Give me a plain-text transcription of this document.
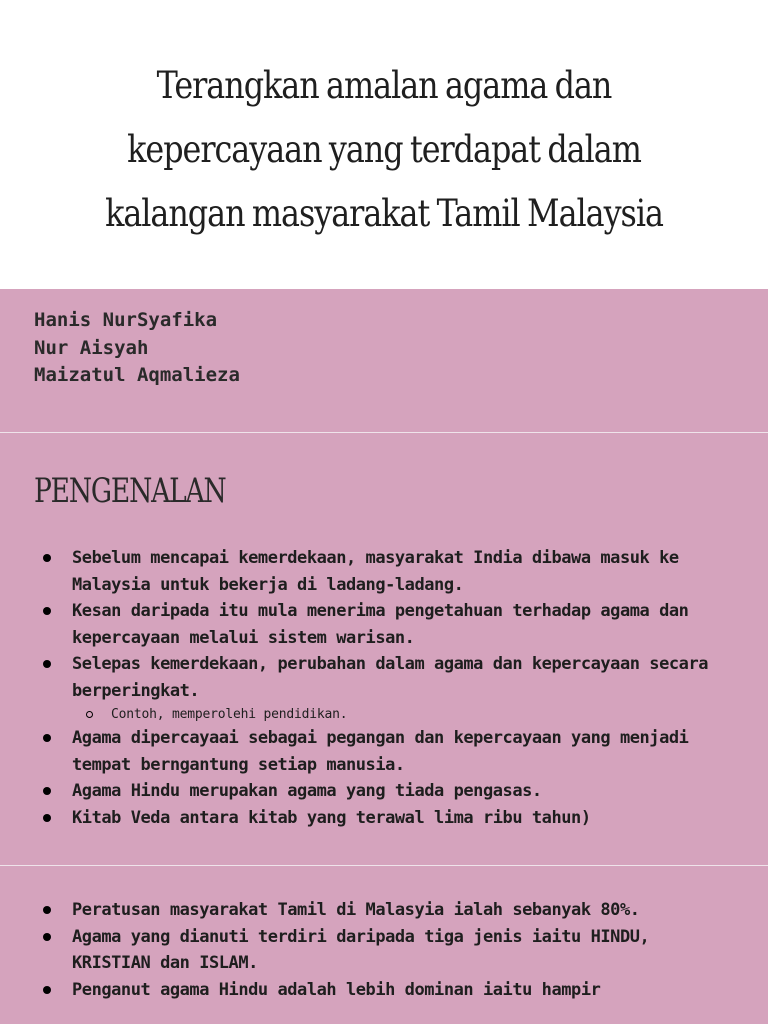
Terangkan amalan agama dan kepercayaan yang terdapat dalam kalangan masyarakat Tamil Malaysia
Hanis NurSyafika
Nur Aisyah
Maizatul Aqmalieza
PENGENALAN
Sebelum mencapai kemerdekaan, masyarakat India dibawa masuk ke Malaysia untuk bekerja di ladang-ladang.
Kesan daripada itu mula menerima pengetahuan terhadap agama dan kepercayaan melalui sistem warisan.
Selepas kemerdekaan, perubahan dalam agama dan kepercayaan secara berperingkat.
Contoh, memperolehi pendidikan.
Agama dipercayaai sebagai pegangan dan kepercayaan yang menjadi tempat berngantung setiap manusia.
Agama Hindu merupakan agama yang tiada pengasas.
Kitab Veda antara kitab yang terawal lima ribu tahun)
Peratusan masyarakat Tamil di Malasyia ialah sebanyak 80%.
Agama yang dianuti terdiri daripada tiga jenis iaitu HINDU, KRISTIAN dan ISLAM.
Penganut agama Hindu adalah lebih dominan iaitu hampir
